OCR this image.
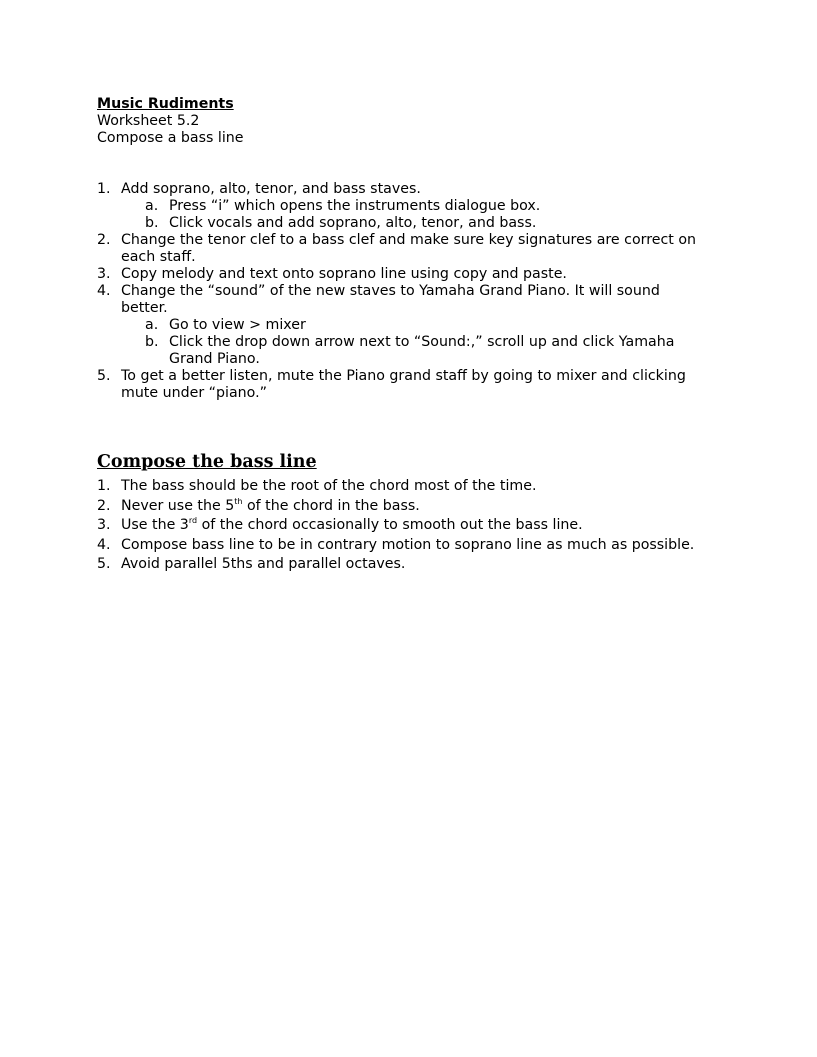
Music Rudiments
Worksheet 5.2
Compose a bass line
1. Add soprano, alto, tenor, and bass staves.
a. Press “i” which opens the instruments dialogue box.
b. Click vocals and add soprano, alto, tenor, and bass.
2. Change the tenor clef to a bass clef and make sure key signatures are correct on
each staff.
3. Copy melody and text onto soprano line using copy and paste.
4. Change the “sound” of the new staves to Yamaha Grand Piano. It will sound
better.
a. Go to view > mixer
b. Click the drop down arrow next to “Sound:,” scroll up and click Yamaha
Grand Piano.
5. To get a better listen, mute the Piano grand staff by going to mixer and clicking
mute under “piano.”
Compose the bass line
1. The bass should be the root of the chord most of the time.
2. Never use the 5th of the chord in the bass.
3. Use the 3rd of the chord occasionally to smooth out the bass line.
4. Compose bass line to be in contrary motion to soprano line as much as possible.
5. Avoid parallel 5ths and parallel octaves.
